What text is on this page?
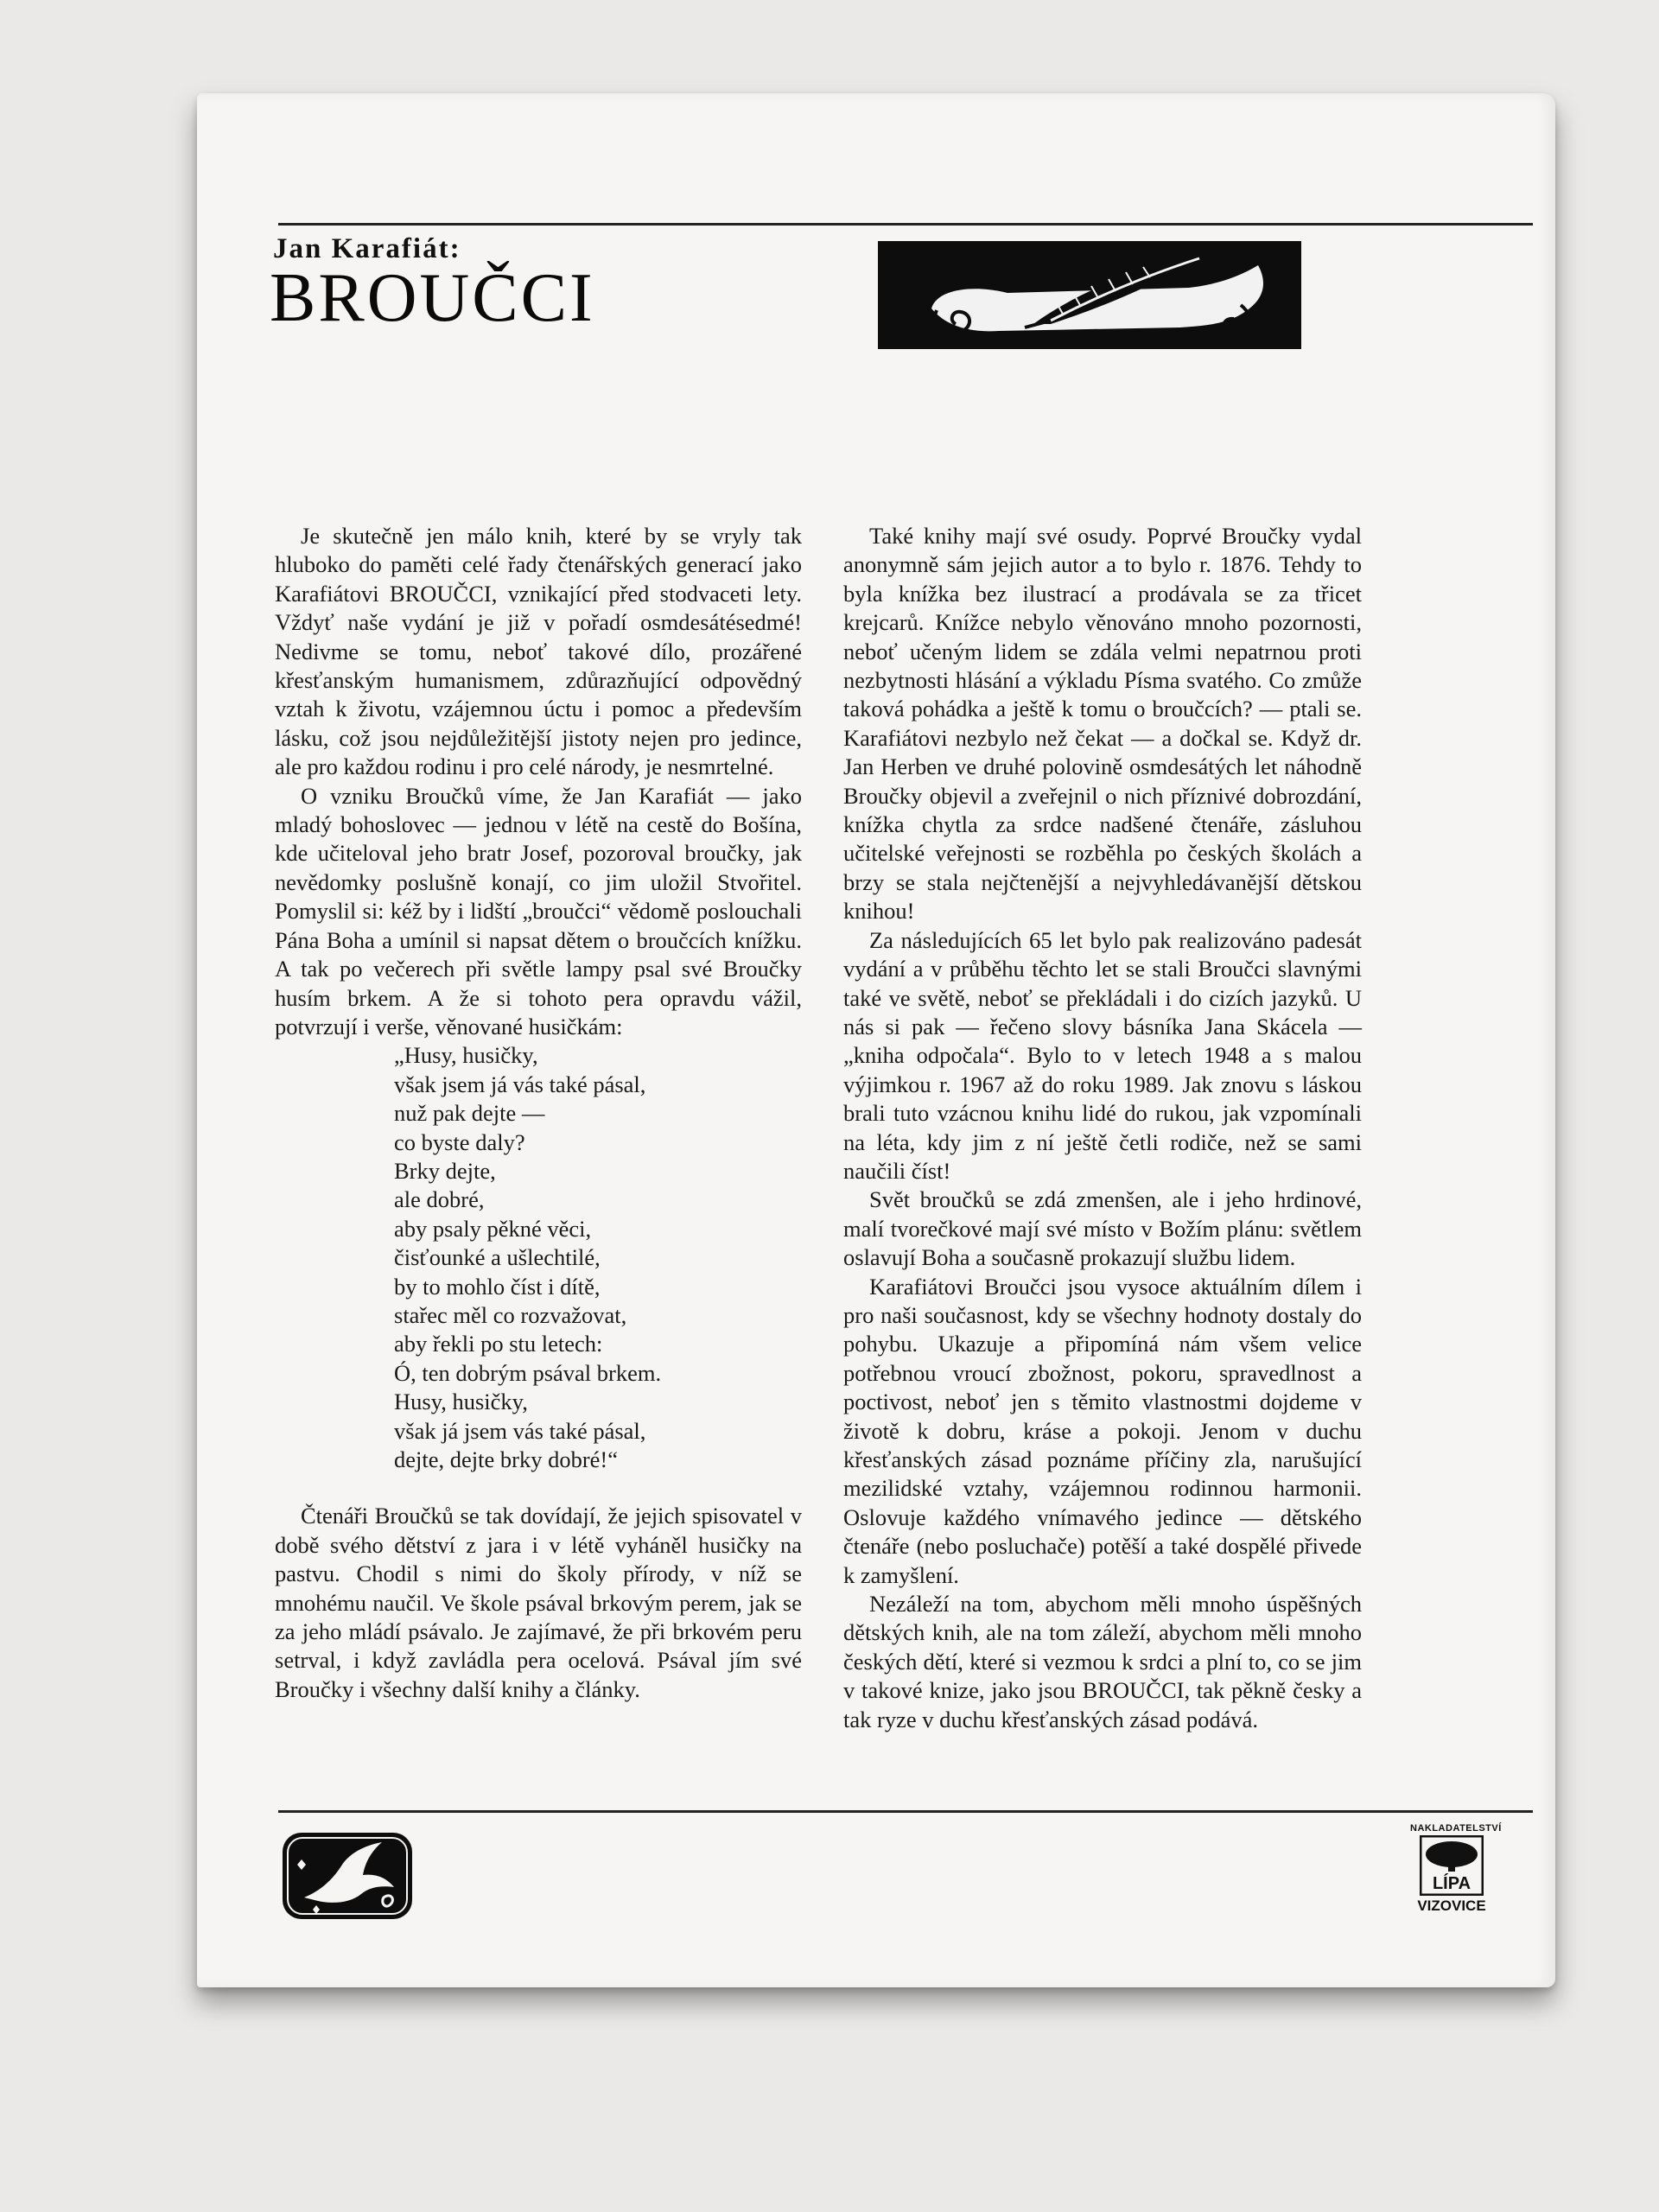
Jan Karafiát:
BROUČCI

Je skutečně jen málo knih, které by se vryly tak hluboko do paměti celé řady čtenářských generací jako Karafiátovi BROUČCI, vznikající před stodvaceti lety. Vždyť naše vydání je již v pořadí osmdesátésedmé! Nedivme se tomu, neboť takové dílo, prozářené křesťanským humanismem, zdůrazňující odpovědný vztah k životu, vzájemnou úctu i pomoc a především lásku, což jsou nejdůležitější jistoty nejen pro jedince, ale pro každou rodinu i pro celé národy, je nesmrtelné.

O vzniku Broučků víme, že Jan Karafiát — jako mladý bohoslovec — jednou v létě na cestě do Bošína, kde učiteloval jeho bratr Josef, pozoroval broučky, jak nevědomky poslušně konají, co jim uložil Stvořitel. Pomyslil si: kéž by i lidští „broučci“ vědomě poslouchali Pána Boha a umínil si napsat dětem o broučcích knížku. A tak po večerech při světle lampy psal své Broučky husím brkem. A že si tohoto pera opravdu vážil, potvrzují i verše, věnované husičkám:

„Husy, husičky,
však jsem já vás také pásal,
nuž pak dejte —
co byste daly?
Brky dejte,
ale dobré,
aby psaly pěkné věci,
čisťounké a ušlechtilé,
by to mohlo číst i dítě,
stařec měl co rozvažovat,
aby řekli po stu letech:
Ó, ten dobrým psával brkem.
Husy, husičky,
však já jsem vás také pásal,
dejte, dejte brky dobré!“

Čtenáři Broučků se tak dovídají, že jejich spisovatel v době svého dětství z jara i v létě vyháněl husičky na pastvu. Chodil s nimi do školy přírody, v níž se mnohému naučil. Ve škole psával brkovým perem, jak se za jeho mládí psávalo. Je zajímavé, že při brkovém peru setrval, i když zavládla pera ocelová. Psával jím své Broučky i všechny další knihy a články.

Také knihy mají své osudy. Poprvé Broučky vydal anonymně sám jejich autor a to bylo r. 1876. Tehdy to byla knížka bez ilustrací a prodávala se za třicet krejcarů. Knížce nebylo věnováno mnoho pozornosti, neboť učeným lidem se zdála velmi nepatrnou proti nezbytnosti hlásání a výkladu Písma svatého. Co zmůže taková pohádka a ještě k tomu o broučcích? — ptali se. Karafiátovi nezbylo než čekat — a dočkal se. Když dr. Jan Herben ve druhé polovině osmdesátých let náhodně Broučky objevil a zveřejnil o nich příznivé dobrozdání, knížka chytla za srdce nadšené čtenáře, zásluhou učitelské veřejnosti se rozběhla po českých školách a brzy se stala nejčtenější a nejvyhledávanější dětskou knihou!

Za následujících 65 let bylo pak realizováno padesát vydání a v průběhu těchto let se stali Broučci slavnými také ve světě, neboť se překládali i do cizích jazyků. U nás si pak — řečeno slovy básníka Jana Skácela — „kniha odpočala“. Bylo to v letech 1948 a s malou výjimkou r. 1967 až do roku 1989. Jak znovu s láskou brali tuto vzácnou knihu lidé do rukou, jak vzpomínali na léta, kdy jim z ní ještě četli rodiče, než se sami naučili číst!

Svět broučků se zdá zmenšen, ale i jeho hrdinové, malí tvorečkové mají své místo v Božím plánu: světlem oslavují Boha a současně prokazují službu lidem.

Karafiátovi Broučci jsou vysoce aktuálním dílem i pro naši současnost, kdy se všechny hodnoty dostaly do pohybu. Ukazuje a připomíná nám všem velice potřebnou vroucí zbožnost, pokoru, spravedlnost a poctivost, neboť jen s těmito vlastnostmi dojdeme v životě k dobru, kráse a pokoji. Jenom v duchu křesťanských zásad poznáme příčiny zla, narušující mezilidské vztahy, vzájemnou rodinnou harmonii. Oslovuje každého vnímavého jedince — dětského čtenáře (nebo posluchače) potěší a také dospělé přivede k zamyšlení.

Nezáleží na tom, abychom měli mnoho úspěšných dětských knih, ale na tom záleží, abychom měli mnoho českých dětí, které si vezmou k srdci a plní to, co se jim v takové knize, jako jsou BROUČCI, tak pěkně česky a tak ryze v duchu křesťanských zásad podává.

NAKLADATELSTVÍ
LÍPA
VIZOVICE
